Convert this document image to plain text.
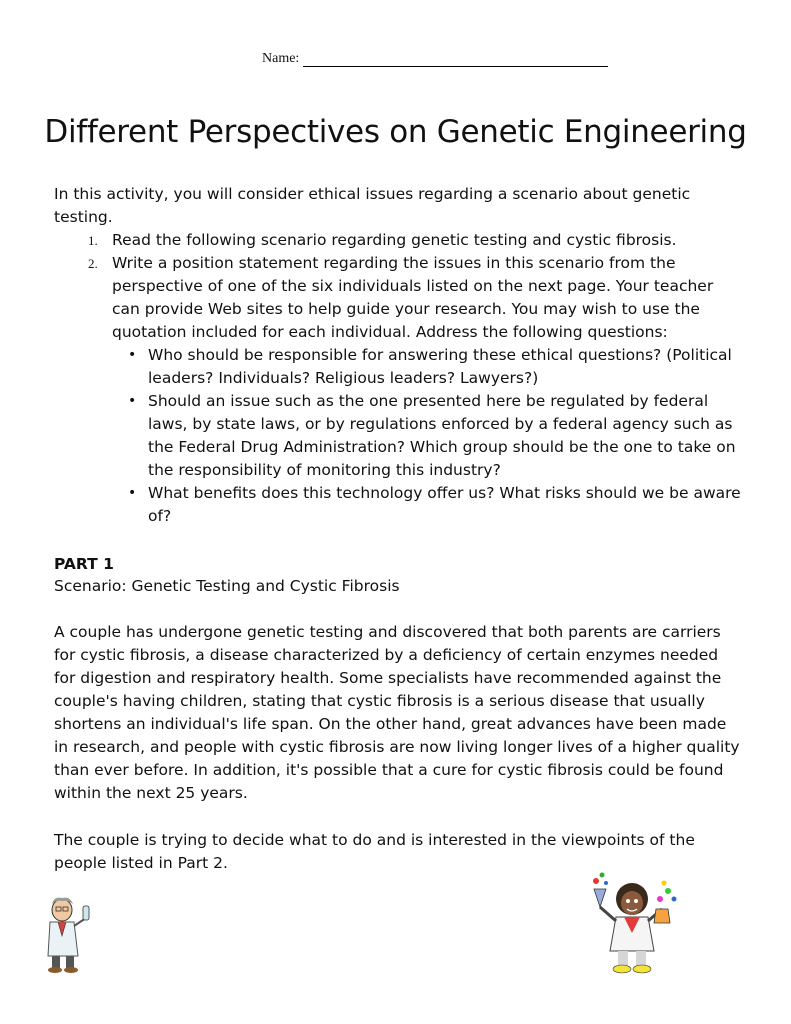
Name:
Different Perspectives on Genetic Engineering
In this activity, you will consider ethical issues regarding a scenario about genetic testing.
1. Read the following scenario regarding genetic testing and cystic fibrosis.
2. Write a position statement regarding the issues in this scenario from the perspective of one of the six individuals listed on the next page. Your teacher can provide Web sites to help guide your research. You may wish to use the quotation included for each individual. Address the following questions:
• Who should be responsible for answering these ethical questions? (Political leaders? Individuals? Religious leaders? Lawyers?)
• Should an issue such as the one presented here be regulated by federal laws, by state laws, or by regulations enforced by a federal agency such as the Federal Drug Administration? Which group should be the one to take on the responsibility of monitoring this industry?
• What benefits does this technology offer us? What risks should we be aware of?
PART 1
Scenario: Genetic Testing and Cystic Fibrosis
A couple has undergone genetic testing and discovered that both parents are carriers for cystic fibrosis, a disease characterized by a deficiency of certain enzymes needed for digestion and respiratory health. Some specialists have recommended against the couple's having children, stating that cystic fibrosis is a serious disease that usually shortens an individual's life span. On the other hand, great advances have been made in research, and people with cystic fibrosis are now living longer lives of a higher quality than ever before. In addition, it's possible that a cure for cystic fibrosis could be found within the next 25 years.
The couple is trying to decide what to do and is interested in the viewpoints of the people listed in Part 2.
